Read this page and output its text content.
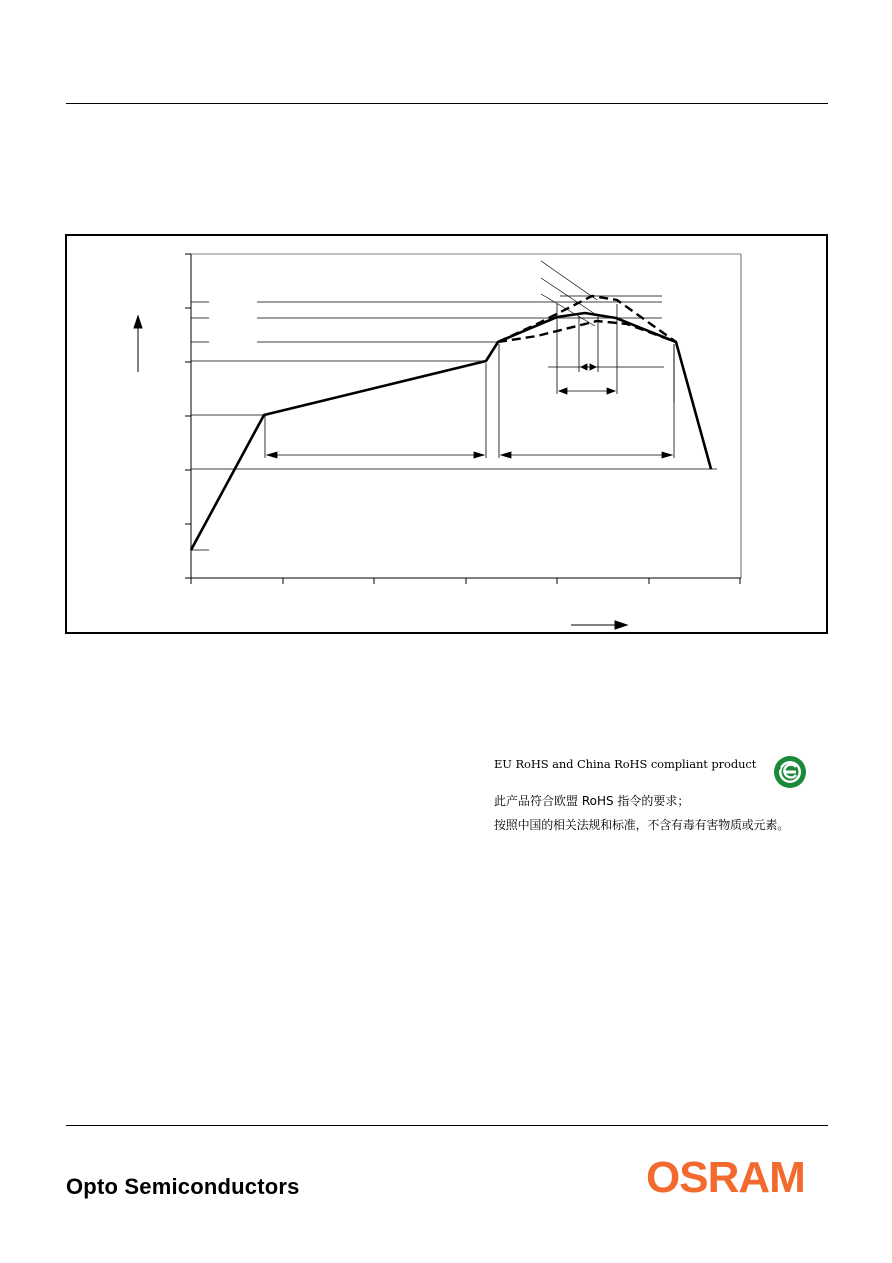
EU RoHS and China RoHS compliant product
此产品符合欧盟 RoHS 指令的要求；
按照中国的相关法规和标准，不含有毒有害物质或元素。
Opto Semiconductors	OSRAM
